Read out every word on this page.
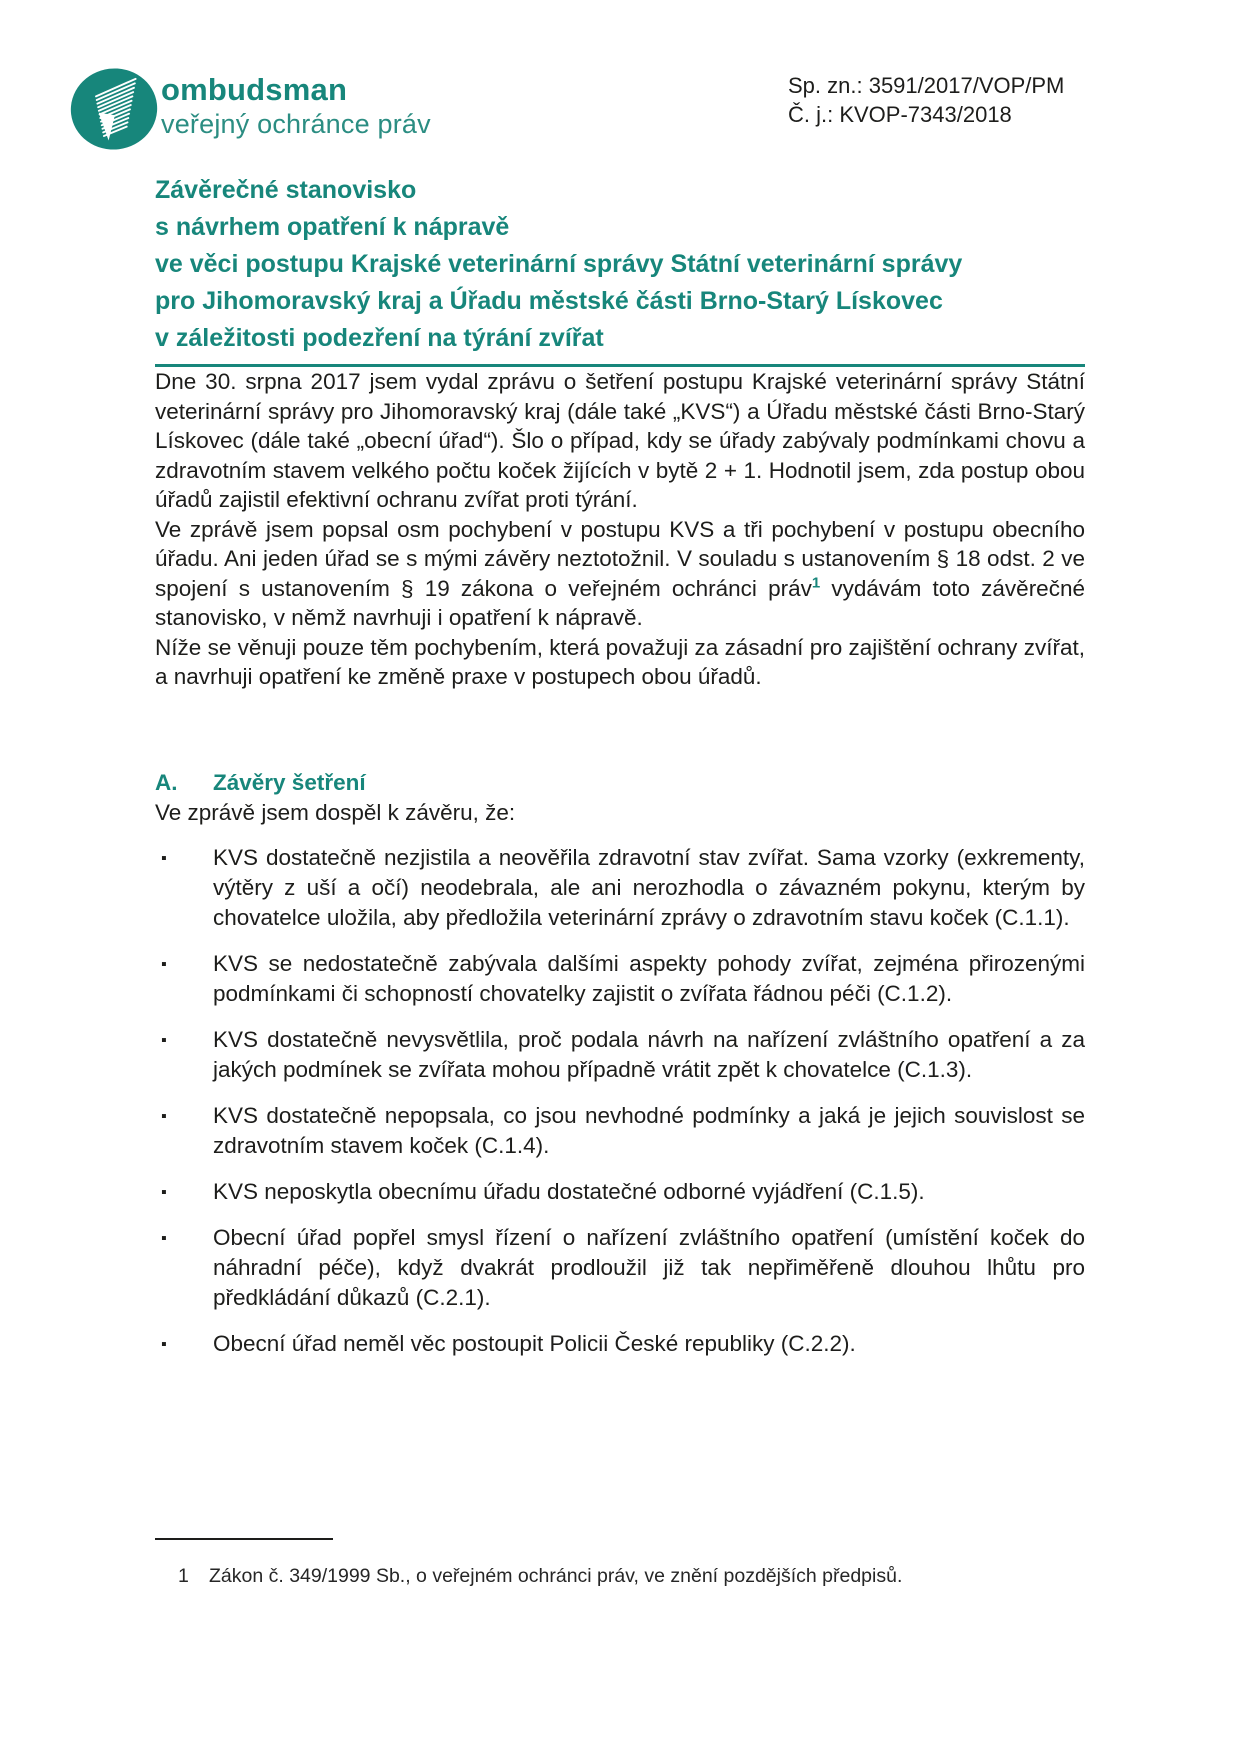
ombudsman
veřejný ochránce práv
Sp. zn.: 3591/2017/VOP/PM
Č. j.: KVOP-7343/2018
Závěrečné stanovisko
s návrhem opatření k nápravě
ve věci postupu Krajské veterinární správy Státní veterinární správy
pro Jihomoravský kraj a Úřadu městské části Brno-Starý Lískovec
v záležitosti podezření na týrání zvířat

Dne 30. srpna 2017 jsem vydal zprávu o šetření postupu Krajské veterinární správy Státní veterinární správy pro Jihomoravský kraj (dále také „KVS“) a Úřadu městské části Brno-Starý Lískovec (dále také „obecní úřad“). Šlo o případ, kdy se úřady zabývaly podmínkami chovu a zdravotním stavem velkého počtu koček žijících v bytě 2 + 1. Hodnotil jsem, zda postup obou úřadů zajistil efektivní ochranu zvířat proti týrání.

Ve zprávě jsem popsal osm pochybení v postupu KVS a tři pochybení v postupu obecního úřadu. Ani jeden úřad se s mými závěry neztotožnil. V souladu s ustanovením § 18 odst. 2 ve spojení s ustanovením § 19 zákona o veřejném ochránci práv$^1$ vydávám toto závěrečné stanovisko, v němž navrhuji i opatření k nápravě.

Níže se věnuji pouze těm pochybením, která považuji za zásadní pro zajištění ochrany zvířat, a navrhuji opatření ke změně praxe v postupech obou úřadů.

A.	Závěry šetření

Ve zprávě jsem dospěl k závěru, že:

▪ KVS dostatečně nezjistila a neověřila zdravotní stav zvířat. Sama vzorky (exkrementy, výtěry z uší a očí) neodebrala, ale ani nerozhodla o závazném pokynu, kterým by chovatelce uložila, aby předložila veterinární zprávy o zdravotním stavu koček (C.1.1).
▪ KVS se nedostatečně zabývala dalšími aspekty pohody zvířat, zejména přirozenými podmínkami či schopností chovatelky zajistit o zvířata řádnou péči (C.1.2).
▪ KVS dostatečně nevysvětlila, proč podala návrh na nařízení zvláštního opatření a za jakých podmínek se zvířata mohou případně vrátit zpět k chovatelce (C.1.3).
▪ KVS dostatečně nepopsala, co jsou nevhodné podmínky a jaká je jejich souvislost se zdravotním stavem koček (C.1.4).
▪ KVS neposkytla obecnímu úřadu dostatečné odborné vyjádření (C.1.5).
▪ Obecní úřad popřel smysl řízení o nařízení zvláštního opatření (umístění koček do náhradní péče), když dvakrát prodloužil již tak nepřiměřeně dlouhou lhůtu pro předkládání důkazů (C.2.1).
▪ Obecní úřad neměl věc postoupit Policii České republiky (C.2.2).
1	Zákon č. 349/1999 Sb., o veřejném ochránci práv, ve znění pozdějších předpisů.
